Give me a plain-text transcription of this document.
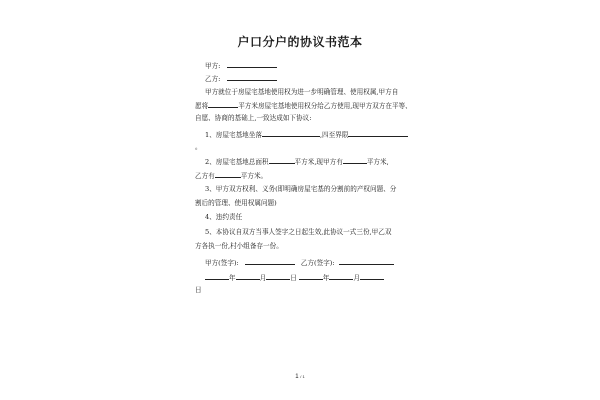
户口分户的协议书范本
甲方:
乙方:
甲方就位于房屋宅基地使用权为进一步明确管理、使用权属,甲方自
愿将	平方米房屋宅基地使用权分给乙方使用,现甲方双方在平等、
自愿、协商的基础上,一致达成如下协议:
1、房屋宅基地坐落	,四至界限
。
2、房屋宅基地总面积	平方米,现甲方有	平方米,
乙方有	平方米。
3、甲方双方权利、义务(即明确房屋宅基的分割前的产权问题、分
割后的管理、使用权属问题)
4、违约责任
5、本协议自双方当事人签字之日起生效,此协议一式三份,甲乙双
方各执一份,村小组备存一份。
甲方(签字):	乙方(签字):
年	月	日	年	月
日
1 / 1
